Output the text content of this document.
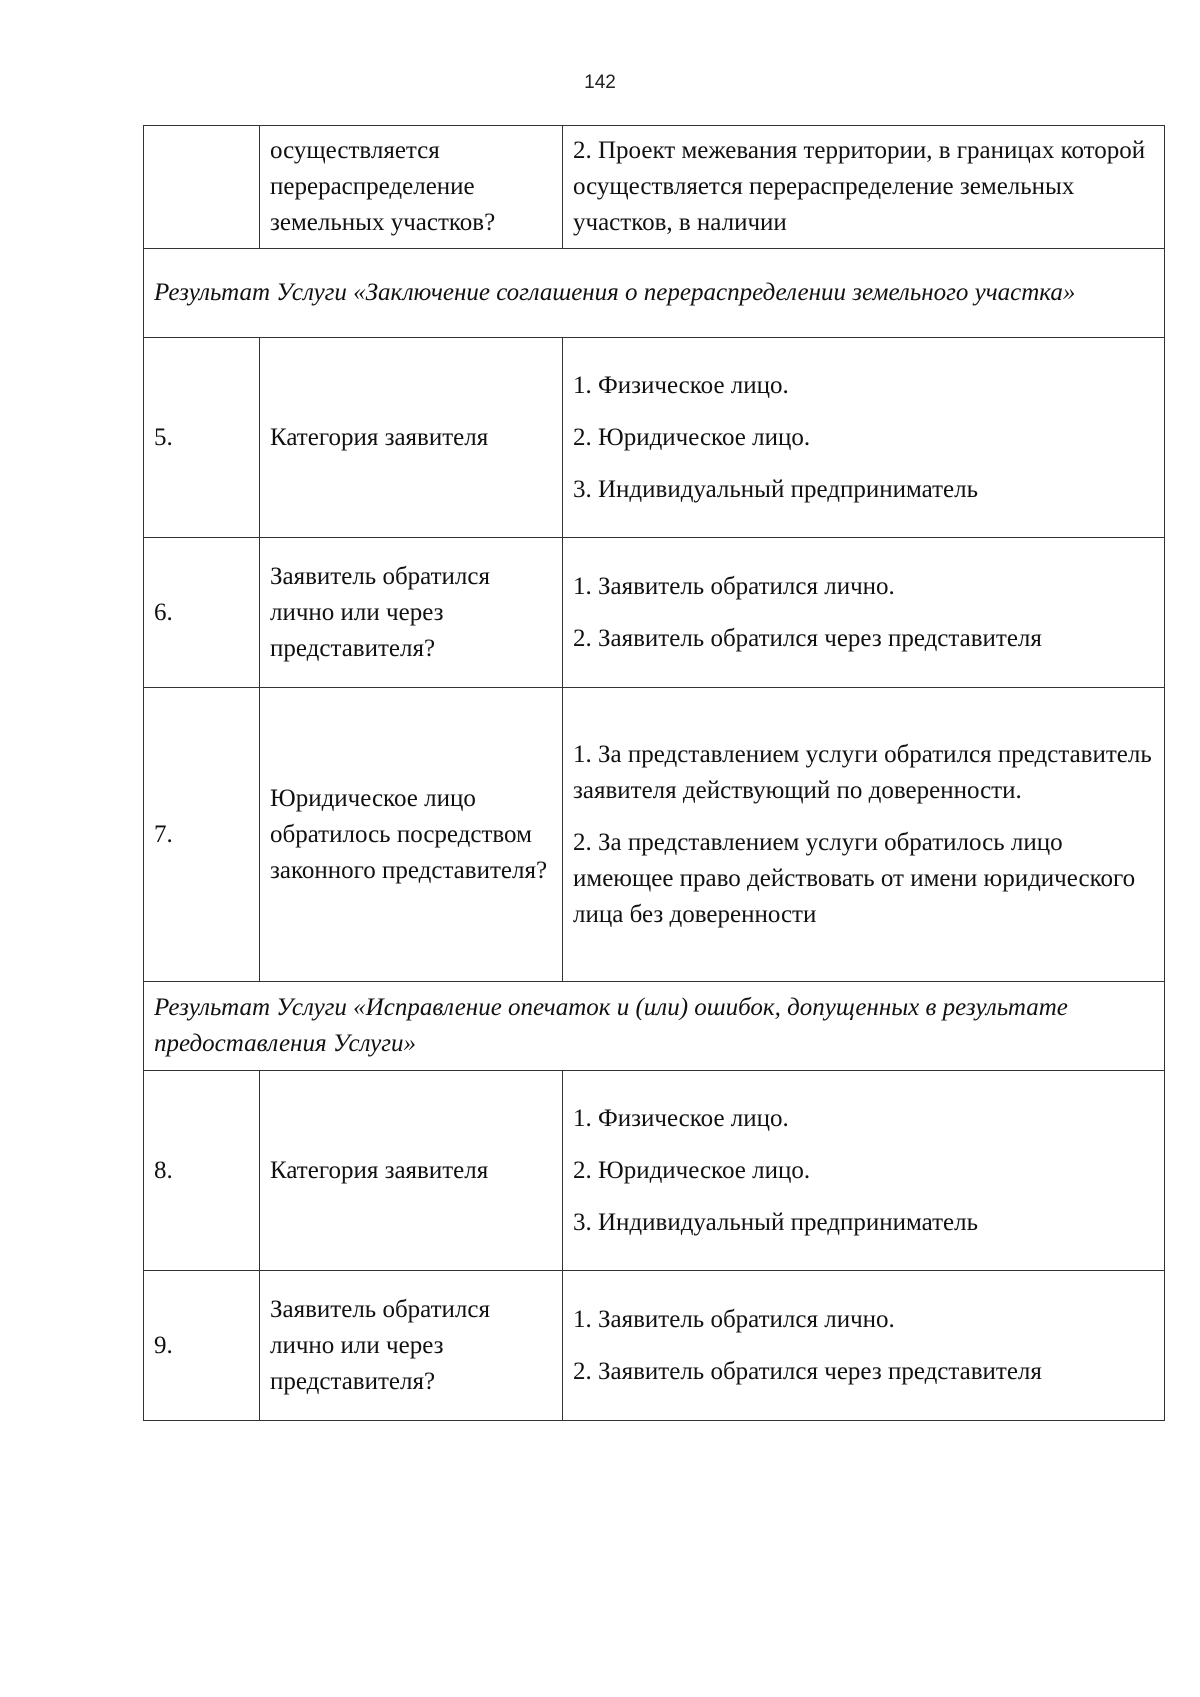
142
	осуществляется перераспределение земельных участков?	2. Проект межевания территории, в границах которой осуществляется перераспределение земельных участков, в наличии

Результат Услуги «Заключение соглашения о перераспределении земельного участка»		
5.	Категория заявителя	1. Физическое лицо.
2. Юридическое лицо.
3. Индивидуальный предприниматель

6.	Заявитель обратился лично или через представителя?	1. Заявитель обратился лично.
2. Заявитель обратился через представителя

7.	Юридическое лицо обратилось посредством законного представителя?	1. За представлением услуги обратился представитель заявителя действующий по доверенности.
2. За представлением услуги обратилось лицо имеющее право действовать от имени юридического лица без доверенности

Результат Услуги «Исправление опечаток и (или) ошибок, допущенных в результате предоставления Услуги»		
8.	Категория заявителя	1. Физическое лицо.
2. Юридическое лицо.
3. Индивидуальный предприниматель

9.	Заявитель обратился лично или через представителя?	1. Заявитель обратился лично.
2. Заявитель обратился через представителя
